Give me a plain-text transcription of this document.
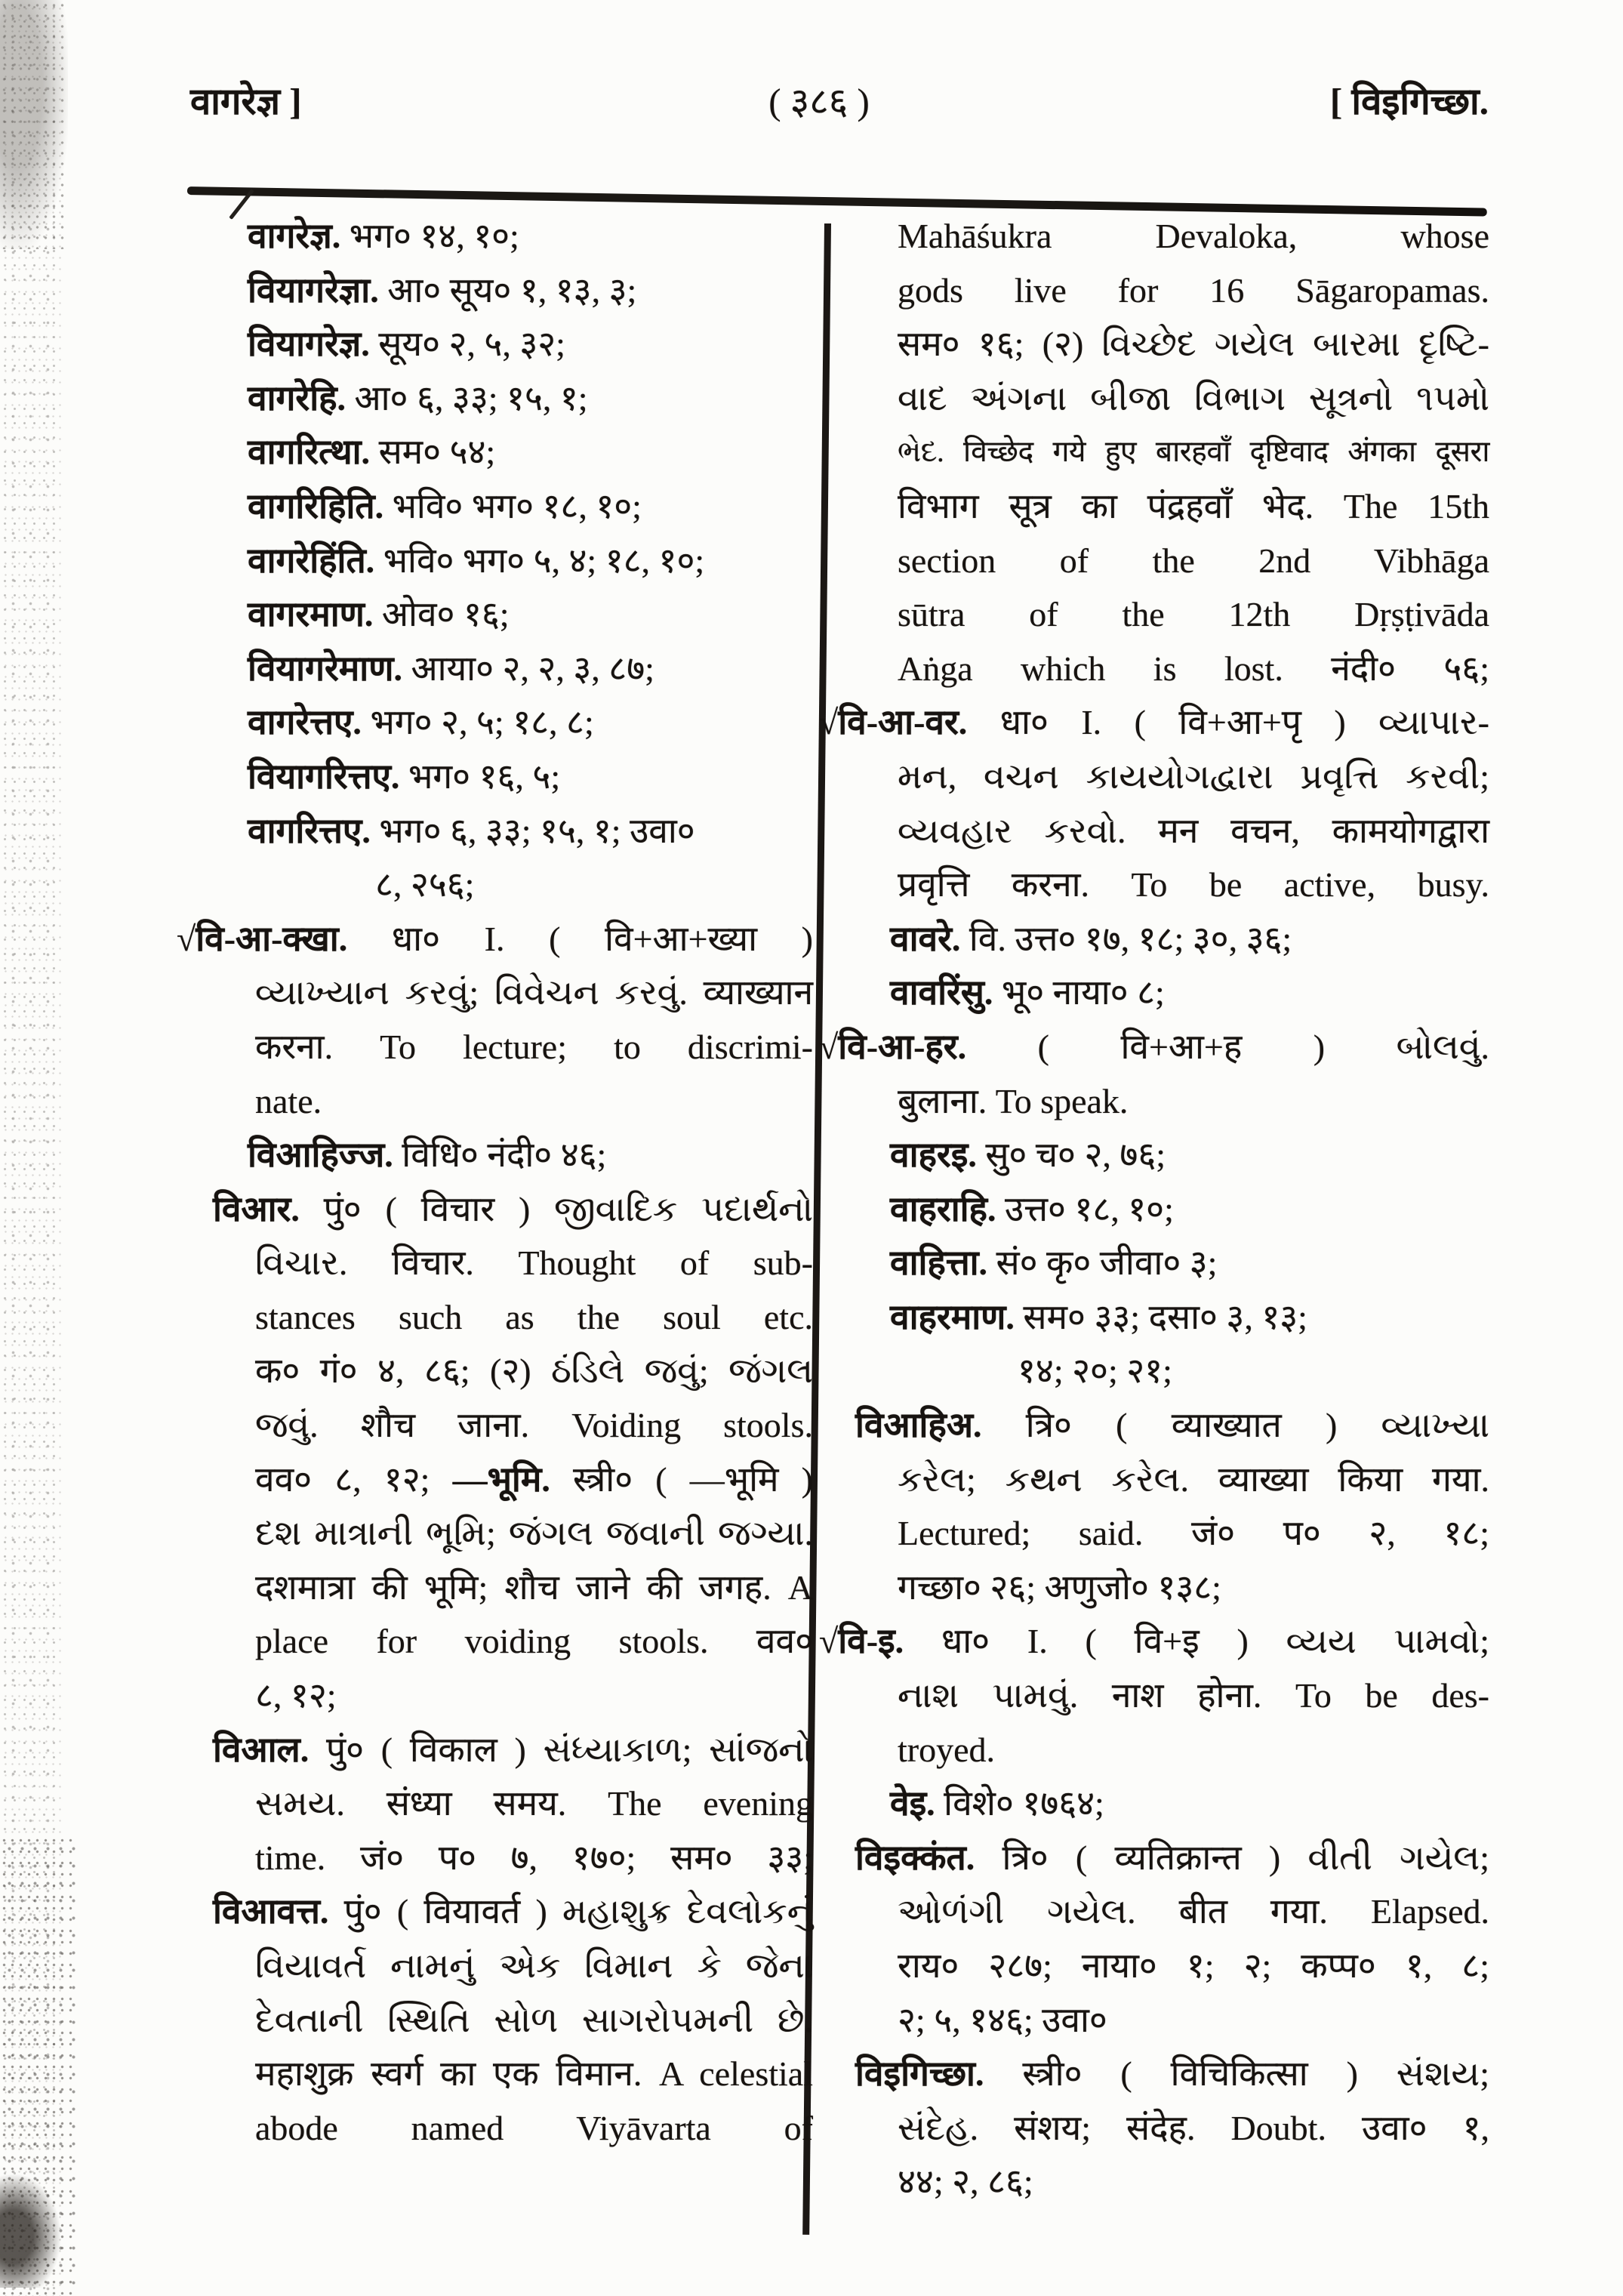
वागरेज्ञ ]	( ३८६ )	[ विइगिच्छा.
वागरेज्ञ. भग० १४, १०;
वियागरेज्ञा. आ० सूय० १, १३, ३;
वियागरेज्ञ. सूय० २, ५, ३२;
वागरेहि. आ० ६, ३३; १५, १;
वागरित्था. सम० ५४;
वागरिहिति. भवि० भग० १८, १०;
वागरेहिंति. भवि० भग० ५, ४; १८, १०;
वागरमाण. ओव० १६;
वियागरेमाण. आया० २, २, ३, ८७;
वागरेत्तए. भग० २, ५; १८, ८;
वियागरित्तए. भग० १६, ५;
वागरित्तए. भग० ६, ३३; १५, १; उवा०
८, २५६;
√वि-आ-क्खा. धा० I. ( वि+आ+ख्या )
વ્યાખ્યાન કરવું; વિવેચન કરવું. व्याख्यान
करना. To lecture; to discrimi-
nate.
विआहिज्ज. विधि० नंदी० ४६;
विआर. पुं० ( विचार ) જીવાદિક પદાર્થનો
વિચાર. विचार. Thought of sub-
stances such as the soul etc.
क० गं० ४, ८६; (२) ઠંડિલે જવું; જંગલ
જવું. शौच जाना. Voiding stools.
वव० ८, १२; —भूमि. स्त्री० ( —भूमि )
દશ માત્રાની ભૂમિ; જંગલ જવાની જગ્યા.
दशमात्रा की भूमि; शौच जाने की जगह. A
place for voiding stools. वव०
८, १२;
विआल. पुं० ( विकाल ) સંધ્યાકાળ; સાંજનો
સમય. संध्या समय. The evening
time. जं० प० ७, १७०; सम० ३३;
विआवत्त. पुं० ( वियावर्त ) મહાશુક્ર દેવલોકનું
વિયાવર્ત નામનું એક વિમાન કે જેના
દેવતાની સ્થિતિ સોળ સાગરોપમની છે.
महाशुक्र स्वर्ग का एक विमान. A celestial
abode named Viyāvarta of
Mahāśukra Devaloka, whose
gods live for 16 Sāgaropamas.
सम० १६; (२) વિચ્છેદ ગયેલ બારમા દૃષ્ટિ-
વાદ અંગના બીજા વિભાગ સૂત્રનો ૧૫મો
ભેદ. विच्छेद गये हुए बारहवाँ दृष्टिवाद अंगका दूसरा
विभाग सूत्र का पंद्रहवाँ भेद. The 15th
section of the 2nd Vibhāga
sūtra of the 12th Dṛṣṭivāda
Aṅga which is lost. नंदी० ५६;
√वि-आ-वर. धा० I. ( वि+आ+पृ ) વ્યાપાર-
મન, વચન કાયયોગદ્વારા પ્રવૃત્તિ કરવી;
વ્યવહાર કરવો. मन वचन, कामयोगद्वारा
प्रवृत्ति करना. To be active, busy.
वावरे. वि. उत्त० १७, १८; ३०, ३६;
वावरिंसु. भू० नाया० ८;
√वि-आ-हर. ( वि+आ+ह ) બોલવું.
बुलाना. To speak.
वाहरइ. सु० च० २, ७६;
वाहराहि. उत्त० १८, १०;
वाहित्ता. सं० कृ० जीवा० ३;
वाहरमाण. सम० ३३; दसा० ३, १३;
१४; २०; २१;
विआहिअ. त्रि० ( व्याख्यात ) વ્યાખ્યા
કરેલ; કથન કરેલ. व्याख्या किया गया.
Lectured; said. जं० प० २, १८;
गच्छा० २६; अणुजो० १३८;
√वि-इ. धा० I. ( वि+इ ) વ્યય પામવો;
નાશ પામવું. नाश होना. To be des-
troyed.
वेइ. विशे० १७६४;
विइक्कंत. त्रि० ( व्यतिक्रान्त ) વીતી ગયેલ;
ઓળંગી ગયેલ. बीत गया. Elapsed.
राय० २८७; नाया० १; २; कप्प० १, ८;
२; ५, १४६; उवा०
विइगिच्छा. स्त्री० ( विचिकित्सा ) સંશય;
સંદેહ. संशय; संदेह. Doubt. उवा० १,
४४; २, ८६;
